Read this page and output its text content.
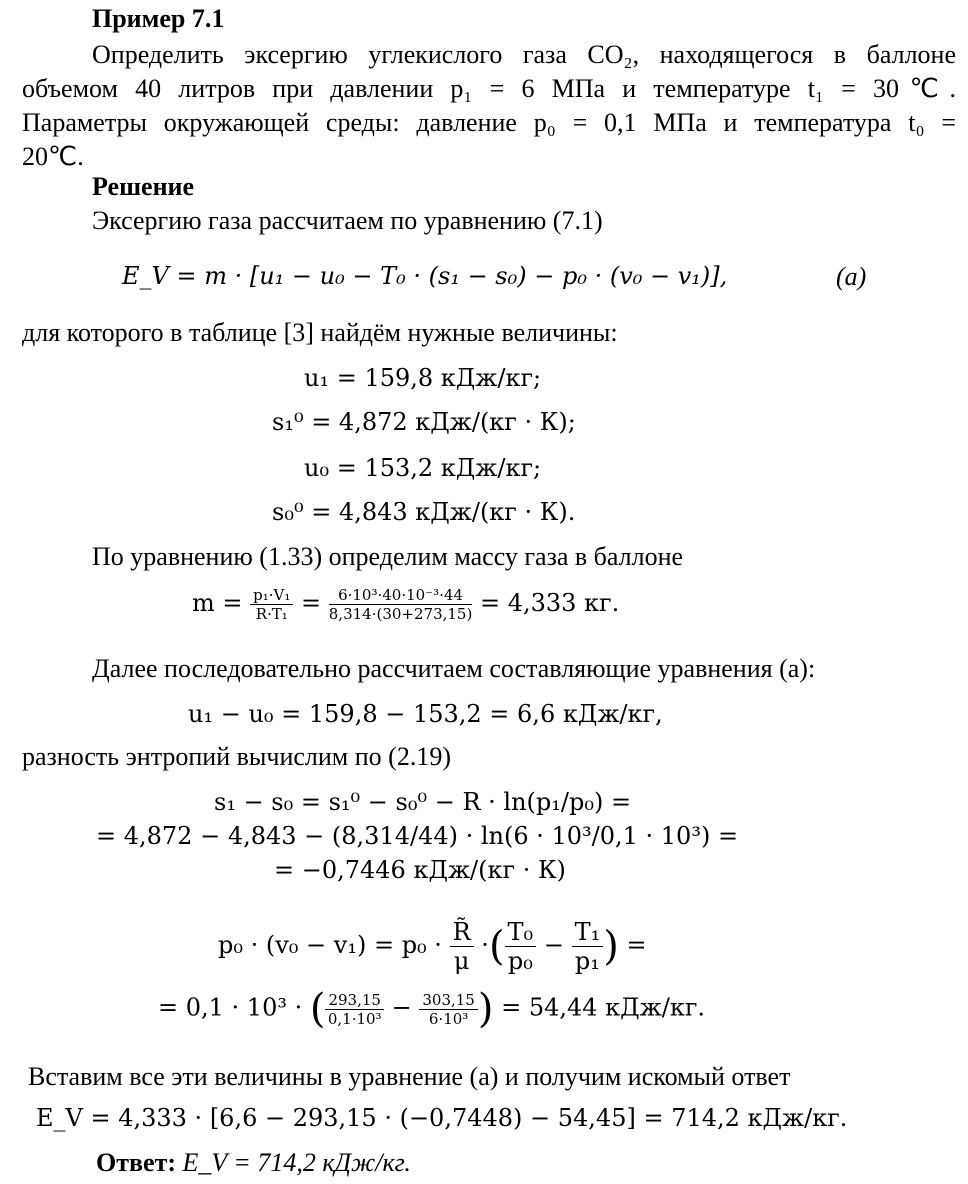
Пример 7.1
Определить эксергию углекислого газа CO₂, находящегося в баллоне
объемом 40 литров при давлении p₁ = 6 МПа и температуре t₁ = 30℃.
Параметры окружающей среды: давление p₀ = 0,1 МПа и температура t₀ =
20℃.
Решение
Эксергию газа рассчитаем по уравнению (7.1)
E_V = m · [u₁ − u₀ − T₀ · (s₁ − s₀) − p₀ · (v₀ − v₁)],	(a)
для которого в таблице [3] найдём нужные величины:
u₁ = 159,8 кДж/кг;
s₁⁰ = 4,872 кДж/(кг · К);
u₀ = 153,2 кДж/кг;
s₀⁰ = 4,843 кДж/(кг · К).
По уравнению (1.33) определим массу газа в баллоне
$m = \frac{\text{p₁·V₁}}{\text{R·T₁}} = \frac{\text{6·10³·40·10⁻³·44}}{8,314\cdot(30+273,15)} = 4,333$ кг.
Далее последовательно рассчитаем составляющие уравнения (a):
u₁ − u₀ = 159,8 − 153,2 = 6,6 кДж/кг,
разность энтропий вычислим по (2.19)
s₁ − s₀ = s₁⁰ − s₀⁰ − R · ln(p₁/p₀) =
= 4,872 − 4,843 − (8,314/44) · ln(6 · 10³/0,1 · 10³) =
= −0,7446 кДж/(кг · К)
$p_0 \cdot (v_0 - v_1) = p_0 \cdot \frac{R̃}{\mu}$ ·( $\frac{\text{T₀}}{\text{p₀}} - \frac{\text{T₁}}{\text{p₁}}$ ) =
= 0,1 · 10³ · ( $\frac{293,15}{\text{0,1·10³}} - \frac{303,15}{\text{6·10³}}$ ) = 54,44 кДж/кг.
Вставим все эти величины в уравнение (a) и получим искомый ответ
E_V = 4,333 · [6,6 − 293,15 · (−0,7448) − 54,45] = 714,2 кДж/кг.
Ответ: E_V = 714,2 кДж/кг.
